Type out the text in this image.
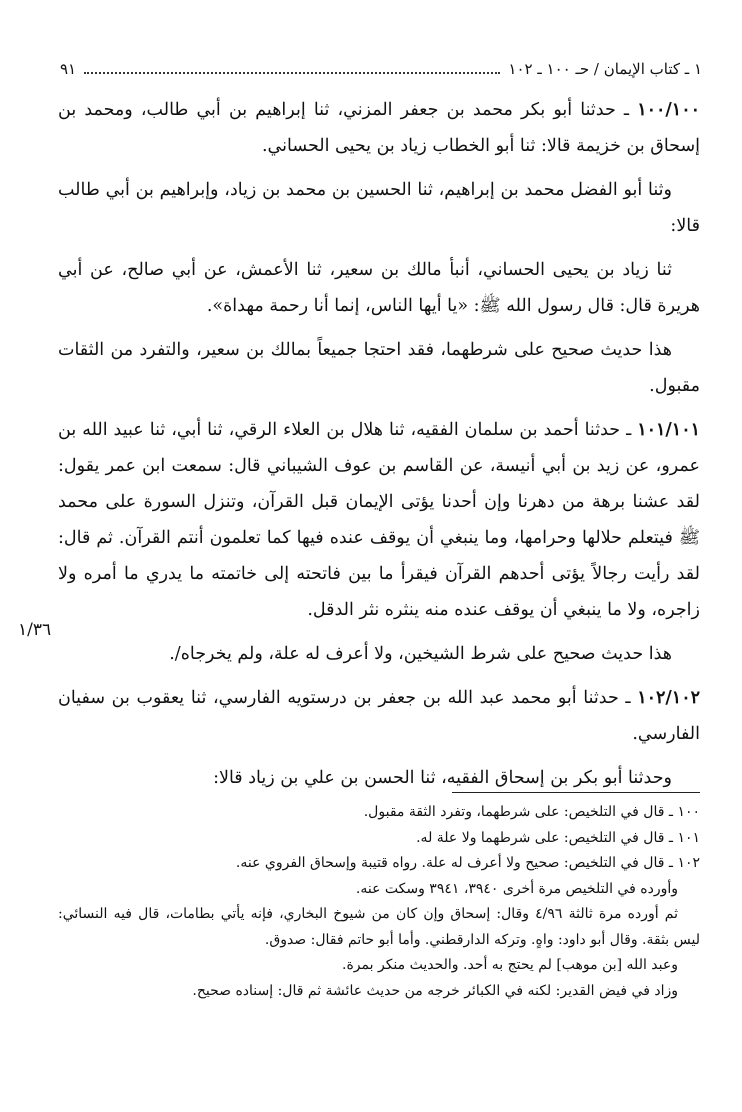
١ ـ كتاب الإيمان / حـ ١٠٠ ـ ١٠٢
٩١

١٠٠/١٠٠ ـ حدثنا أبو بكر محمد بن جعفر المزني، ثنا إبراهيم بن أبي طالب، ومحمد بن إسحاق بن خزيمة قالا: ثنا أبو الخطاب زياد بن يحيى الحساني.

وثنا أبو الفضل محمد بن إبراهيم، ثنا الحسين بن محمد بن زياد، وإبراهيم بن أبي طالب قالا:

ثنا زياد بن يحيى الحساني، أنبأ مالك بن سعير، ثنا الأعمش، عن أبي صالح، عن أبي هريرة قال: قال رسول الله ﷺ: «يا أيها الناس، إنما أنا رحمة مهداة».

هذا حديث صحيح على شرطهما، فقد احتجا جميعاً بمالك بن سعير، والتفرد من الثقات مقبول.

١٠١/١٠١ ـ حدثنا أحمد بن سلمان الفقيه، ثنا هلال بن العلاء الرقي، ثنا أبي، ثنا عبيد الله بن عمرو، عن زيد بن أبي أنيسة، عن القاسم بن عوف الشيباني قال: سمعت ابن عمر يقول: لقد عشنا برهة من دهرنا وإن أحدنا يؤتى الإيمان قبل القرآن، وتنزل السورة على محمد ﷺ فيتعلم حلالها وحرامها، وما ينبغي أن يوقف عنده فيها كما تعلمون أنتم القرآن. ثم قال: لقد رأيت رجالاً يؤتى أحدهم القرآن فيقرأ ما بين فاتحته إلى خاتمته ما يدري ما أمره ولا زاجره، ولا ما ينبغي أن يوقف عنده منه ينثره نثر الدقل.

هذا حديث صحيح على شرط الشيخين، ولا أعرف له علة، ولم يخرجاه/.

١٠٢/١٠٢ ـ حدثنا أبو محمد عبد الله بن جعفر بن درستويه الفارسي، ثنا يعقوب بن سفيان الفارسي.

وحدثنا أبو بكر بن إسحاق الفقيه، ثنا الحسن بن علي بن زياد قالا:

١/٣٦

١٠٠ ـ قال في التلخيص: على شرطهما، وتفرد الثقة مقبول.

١٠١ ـ قال في التلخيص: على شرطهما ولا علة له.

١٠٢ ـ قال في التلخيص: صحيح ولا أعرف له علة. رواه قتيبة وإسحاق الفروي عنه.

وأورده في التلخيص مرة أخرى ٣٩٤٠، ٣٩٤١ وسكت عنه.

ثم أورده مرة ثالثة ٤/٩٦ وقال: إسحاق وإن كان من شيوخ البخاري، فإنه يأتي بطامات، قال فيه النسائي: ليس بثقة. وقال أبو داود: واهٍ. وتركه الدارقطني. وأما أبو حاتم فقال: صدوق.

وعبد الله [بن موهب] لم يحتج به أحد. والحديث منكر بمرة.

وزاد في فيض القدير: لكنه في الكبائر خرجه من حديث عائشة ثم قال: إسناده صحيح.
